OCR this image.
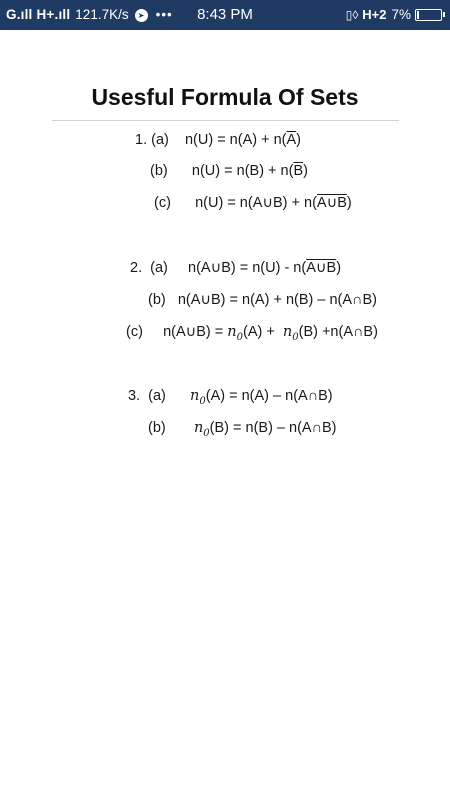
G.ıll H+.ıll 121.7K/s	➤ •••	8:43 PM	▯◊ H+2 7%
Usesful Formula Of Sets
1. (a) $n(U) = n(A) + n(\overline{A})$
(b) $n(U) = n(B) + n(\overline{B})$
(c) n(U) = n(A∪B) + n(A∪B)
2.  (a) n(A∪B) = n(U) - n(A∪B)
(b) n(A∪B) = n(A) + n(B) – n(A∩B)
(c) n(A∪B) = $n_0(A) + n_0(B)$ +n(A∩B)
3.  (a) $n_0(A) = n(A)$ – n(A∩B)
(b) $n_0(B) = n(B)$ – n(A∩B)
